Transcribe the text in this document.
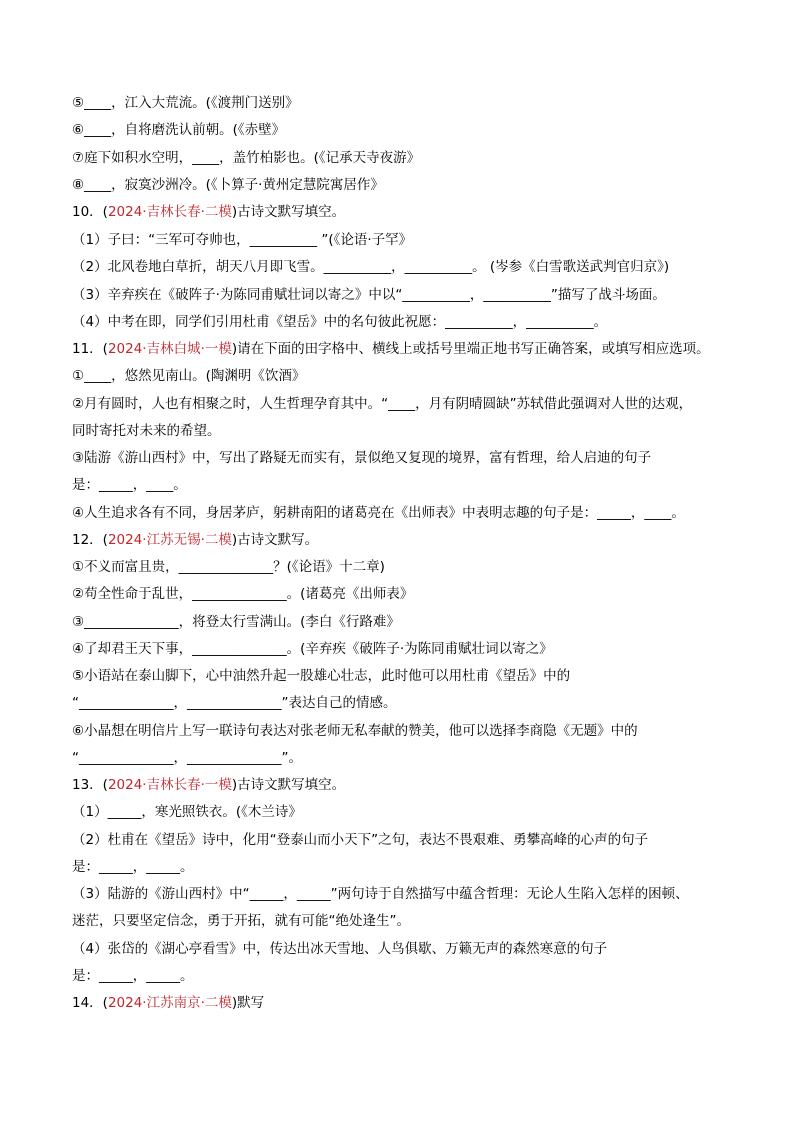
⑤____，江入大荒流。(《渡荆门送别》
⑥____，自将磨洗认前朝。(《赤壁》
⑦庭下如积水空明，____，盖竹柏影也。(《记承天寺夜游》
⑧____，寂寞沙洲冷。(《卜算子·黄州定慧院寓居作》
10．(2024·吉林长春·二模)古诗文默写填空。
（1）子曰：“三军可夺帅也，__________ ”(《论语·子罕》
（2）北风卷地白草折，胡天八月即飞雪。__________，__________。 (岑参《白雪歌送武判官归京》)
（3）辛弃疾在《破阵子·为陈同甫赋壮词以寄之》中以“__________，__________”描写了战斗场面。
（4）中考在即，同学们引用杜甫《望岳》中的名句彼此祝愿：__________，__________。
11．(2024·吉林白城·一模)请在下面的田字格中、横线上或括号里端正地书写正确答案，或填写相应选项。
①____，悠然见南山。(陶渊明《饮酒》
②月有圆时，人也有相聚之时，人生哲理孕育其中。“____，月有阴晴圆缺”苏轼借此强调对人世的达观，
同时寄托对未来的希望。
③陆游《游山西村》中，写出了路疑无而实有，景似绝又复现的境界，富有哲理，给人启迪的句子
是：_____，____。
④人生追求各有不同，身居茅庐，躬耕南阳的诸葛亮在《出师表》中表明志趣的句子是：_____，____。
12．(2024·江苏无锡·二模)古诗文默写。
①不义而富且贵，______________？(《论语》十二章)
②苟全性命于乱世，______________。(诸葛亮《出师表》
③______________，将登太行雪满山。(李白《行路难》
④了却君王天下事，______________。(辛弃疾《破阵子·为陈同甫赋壮词以寄之》
⑤小语站在泰山脚下，心中油然升起一股雄心壮志，此时他可以用杜甫《望岳》中的
“______________，______________”表达自己的情感。
⑥小晶想在明信片上写一联诗句表达对张老师无私奉献的赞美，他可以选择李商隐《无题》中的
“______________，______________”。
13．(2024·吉林长春·一模)古诗文默写填空。
（1）_____，寒光照铁衣。(《木兰诗》
（2）杜甫在《望岳》诗中，化用“登泰山而小天下”之句，表达不畏艰难、勇攀高峰的心声的句子
是：_____，_____。
（3）陆游的《游山西村》中“_____，_____”两句诗于自然描写中蕴含哲理：无论人生陷入怎样的困顿、
迷茫，只要坚定信念，勇于开拓，就有可能“绝处逢生”。
（4）张岱的《湖心亭看雪》中，传达出冰天雪地、人鸟俱歇、万籁无声的森然寒意的句子
是：_____，_____。
14．(2024·江苏南京·二模)默写
